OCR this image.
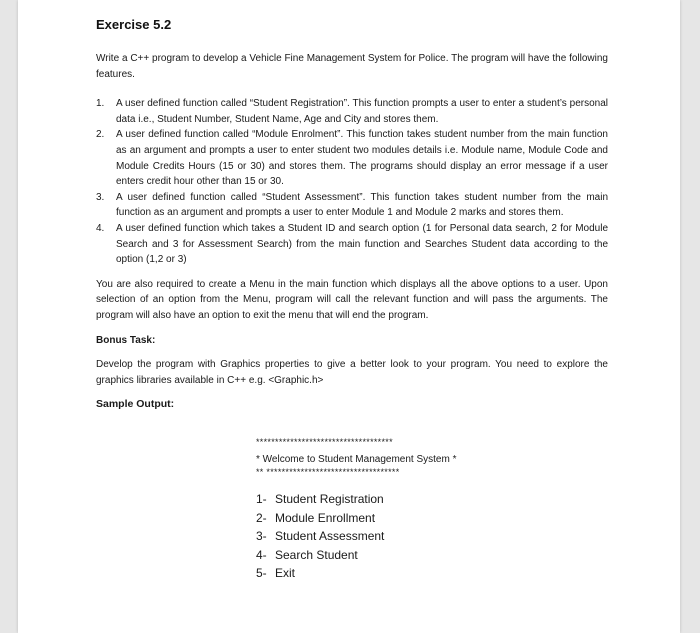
Exercise 5.2

Write a C++ program to develop a Vehicle Fine Management System for Police. The program will have the following features.

1. A user defined function called “Student Registration”. This function prompts a user to enter a student’s personal data i.e., Student Number, Student Name, Age and City and stores them.
2. A user defined function called “Module Enrolment”. This function takes student number from the main function as an argument and prompts a user to enter student two modules details i.e. Module name, Module Code and Module Credits Hours (15 or 30) and stores them. The programs should display an error message if a user enters credit hour other than 15 or 30.
3. A user defined function called “Student Assessment”. This function takes student number from the main function as an argument and prompts a user to enter Module 1 and Module 2 marks and stores them.
4. A user defined function which takes a Student ID and search option (1 for Personal data search, 2 for Module Search and 3 for Assessment Search) from the main function and Searches Student data according to the option (1,2 or 3)

You are also required to create a Menu in the main function which displays all the above options to a user. Upon selection of an option from the Menu, program will call the relevant function and will pass the arguments. The program will also have an option to exit the menu that will end the program.

Bonus Task:

Develop the program with Graphics properties to give a better look to your program. You need to explore the graphics libraries available in C++ e.g. <Graphic.h>

Sample Output:

************************************
* Welcome to Student Management System *
** ***********************************
1- Student Registration
2- Module Enrollment
3- Student Assessment
4- Search Student
5- Exit
